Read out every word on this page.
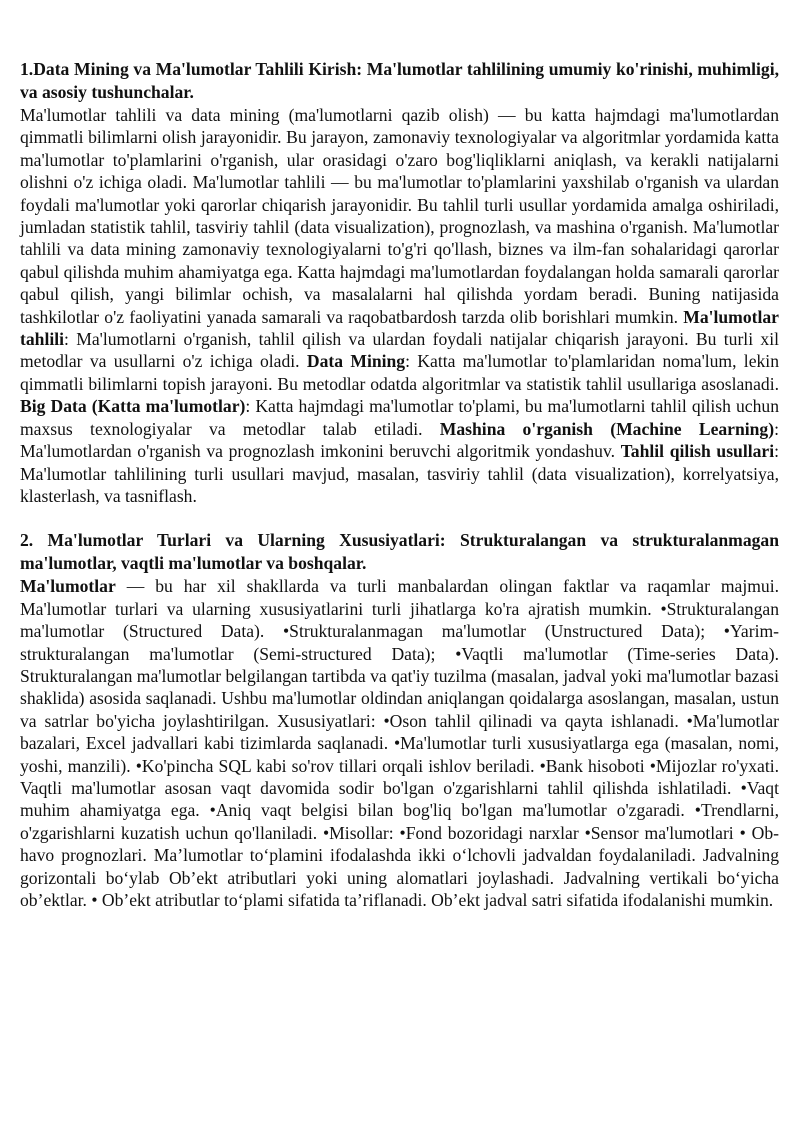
1.Data Mining va Ma'lumotlar Tahlili Kirish: Ma'lumotlar tahlilining umumiy ko'rinishi, muhimligi, va asosiy tushunchalar.

Ma'lumotlar tahlili va data mining (ma'lumotlarni qazib olish) — bu katta hajmdagi ma'lumotlardan qimmatli bilimlarni olish jarayonidir. Bu jarayon, zamonaviy texnologiyalar va algoritmlar yordamida katta ma'lumotlar to'plamlarini o'rganish, ular orasidagi o'zaro bog'liqliklarni aniqlash, va kerakli natijalarni olishni o'z ichiga oladi. Ma'lumotlar tahlili — bu ma'lumotlar to'plamlarini yaxshilab o'rganish va ulardan foydali ma'lumotlar yoki qarorlar chiqarish jarayonidir. Bu tahlil turli usullar yordamida amalga oshiriladi, jumladan statistik tahlil, tasviriy tahlil (data visualization), prognozlash, va mashina o'rganish. Ma'lumotlar tahlili va data mining zamonaviy texnologiyalarni to'g'ri qo'llash, biznes va ilm-fan sohalaridagi qarorlar qabul qilishda muhim ahamiyatga ega. Katta hajmdagi ma'lumotlardan foydalangan holda samarali qarorlar qabul qilish, yangi bilimlar ochish, va masalalarni hal qilishda yordam beradi. Buning natijasida tashkilotlar o'z faoliyatini yanada samarali va raqobatbardosh tarzda olib borishlari mumkin. Ma'lumotlar tahlili: Ma'lumotlarni o'rganish, tahlil qilish va ulardan foydali natijalar chiqarish jarayoni. Bu turli xil metodlar va usullarni o'z ichiga oladi. Data Mining: Katta ma'lumotlar to'plamlaridan noma'lum, lekin qimmatli bilimlarni topish jarayoni. Bu metodlar odatda algoritmlar va statistik tahlil usullariga asoslanadi. Big Data (Katta ma'lumotlar): Katta hajmdagi ma'lumotlar to'plami, bu ma'lumotlarni tahlil qilish uchun maxsus texnologiyalar va metodlar talab etiladi. Mashina o'rganish (Machine Learning): Ma'lumotlardan o'rganish va prognozlash imkonini beruvchi algoritmik yondashuv. Tahlil qilish usullari: Ma'lumotlar tahlilining turli usullari mavjud, masalan, tasviriy tahlil (data visualization), korrelyatsiya, klasterlash, va tasniflash.

2. Ma'lumotlar Turlari va Ularning Xususiyatlari: Strukturalangan va strukturalanmagan ma'lumotlar, vaqtli ma'lumotlar va boshqalar.

Ma'lumotlar — bu har xil shakllarda va turli manbalardan olingan faktlar va raqamlar majmui. Ma'lumotlar turlari va ularning xususiyatlarini turli jihatlarga ko'ra ajratish mumkin. •Strukturalangan ma'lumotlar (Structured Data). •Strukturalanmagan ma'lumotlar (Unstructured Data); •Yarim-strukturalangan ma'lumotlar (Semi-structured Data); •Vaqtli ma'lumotlar (Time-series Data). Strukturalangan ma'lumotlar belgilangan tartibda va qat'iy tuzilma (masalan, jadval yoki ma'lumotlar bazasi shaklida) asosida saqlanadi. Ushbu ma'lumotlar oldindan aniqlangan qoidalarga asoslangan, masalan, ustun va satrlar bo'yicha joylashtirilgan. Xususiyatlari: •Oson tahlil qilinadi va qayta ishlanadi. •Ma'lumotlar bazalari, Excel jadvallari kabi tizimlarda saqlanadi. •Ma'lumotlar turli xususiyatlarga ega (masalan, nomi, yoshi, manzili). •Ko'pincha SQL kabi so'rov tillari orqali ishlov beriladi. •Bank hisoboti •Mijozlar ro'yxati. Vaqtli ma'lumotlar asosan vaqt davomida sodir bo'lgan o'zgarishlarni tahlil qilishda ishlatiladi. •Vaqt muhim ahamiyatga ega. •Aniq vaqt belgisi bilan bog'liq bo'lgan ma'lumotlar o'zgaradi. •Trendlarni, o'zgarishlarni kuzatish uchun qo'llaniladi. •Misollar: •Fond bozoridagi narxlar •Sensor ma'lumotlari • Ob-havo prognozlari. Ma’lumotlar to‘plamini ifodalashda ikki o‘lchovli jadvaldan foydalaniladi. Jadvalning gorizontali bo‘ylab Ob’ekt atributlari yoki uning alomatlari joylashadi. Jadvalning vertikali bo‘yicha ob’ektlar. • Ob’ekt atributlar to‘plami sifatida ta’riflanadi. Ob’ekt jadval satri sifatida ifodalanishi mumkin.
